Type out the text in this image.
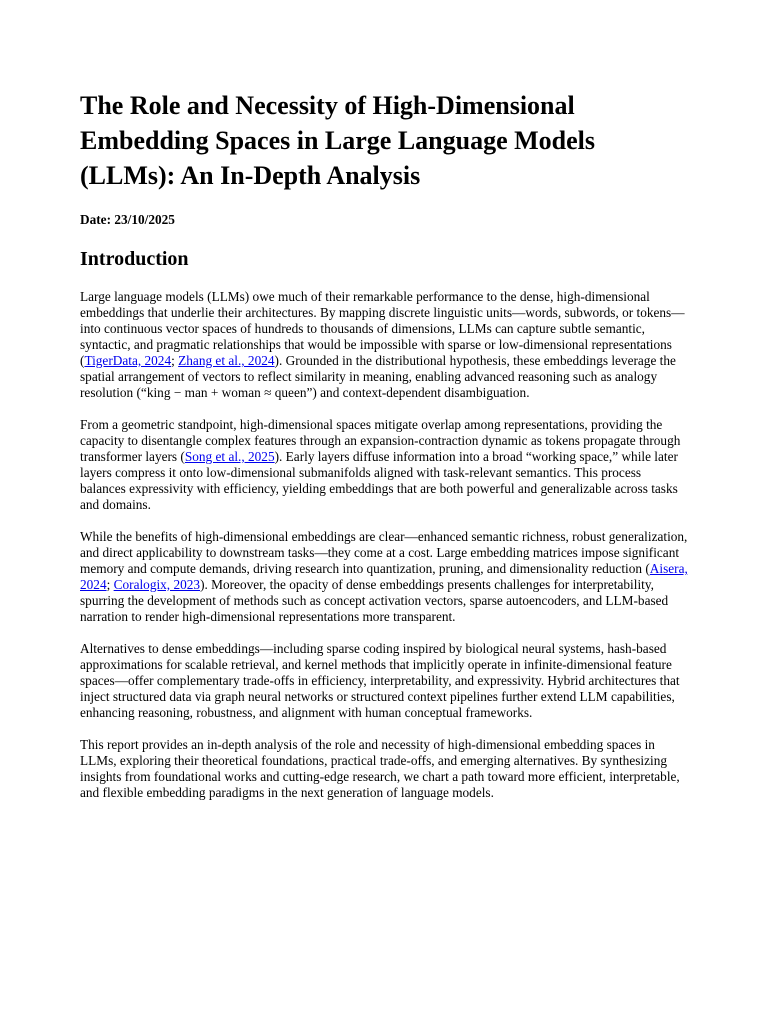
The Role and Necessity of High-Dimensional Embedding Spaces in Large Language Models (LLMs): An In-Depth Analysis
Date: 23/10/2025
Introduction

Large language models (LLMs) owe much of their remarkable performance to the dense, high-dimensional embeddings that underlie their architectures. By mapping discrete linguistic units—words, subwords, or tokens—into continuous vector spaces of hundreds to thousands of dimensions, LLMs can capture subtle semantic, syntactic, and pragmatic relationships that would be impossible with sparse or low-dimensional representations (TigerData, 2024; Zhang et al., 2024). Grounded in the distributional hypothesis, these embeddings leverage the spatial arrangement of vectors to reflect similarity in meaning, enabling advanced reasoning such as analogy resolution (“king − man + woman ≈ queen”) and context-dependent disambiguation.

From a geometric standpoint, high-dimensional spaces mitigate overlap among representations, providing the capacity to disentangle complex features through an expansion-contraction dynamic as tokens propagate through transformer layers (Song et al., 2025). Early layers diffuse information into a broad “working space,” while later layers compress it onto low-dimensional submanifolds aligned with task-relevant semantics. This process balances expressivity with efficiency, yielding embeddings that are both powerful and generalizable across tasks and domains.

While the benefits of high-dimensional embeddings are clear—enhanced semantic richness, robust generalization, and direct applicability to downstream tasks—they come at a cost. Large embedding matrices impose significant memory and compute demands, driving research into quantization, pruning, and dimensionality reduction (Aisera, 2024; Coralogix, 2023). Moreover, the opacity of dense embeddings presents challenges for interpretability, spurring the development of methods such as concept activation vectors, sparse autoencoders, and LLM-based narration to render high-dimensional representations more transparent.

Alternatives to dense embeddings—including sparse coding inspired by biological neural systems, hash-based approximations for scalable retrieval, and kernel methods that implicitly operate in infinite-dimensional feature spaces—offer complementary trade-offs in efficiency, interpretability, and expressivity. Hybrid architectures that inject structured data via graph neural networks or structured context pipelines further extend LLM capabilities, enhancing reasoning, robustness, and alignment with human conceptual frameworks.

This report provides an in-depth analysis of the role and necessity of high-dimensional embedding spaces in LLMs, exploring their theoretical foundations, practical trade-offs, and emerging alternatives. By synthesizing insights from foundational works and cutting-edge research, we chart a path toward more efficient, interpretable, and flexible embedding paradigms in the next generation of language models.
